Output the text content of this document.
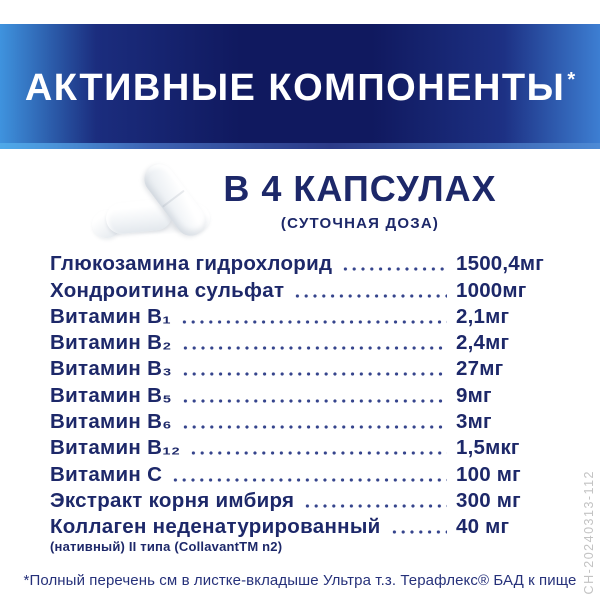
АКТИВНЫЕ КОМПОНЕНТЫ *
В 4 КАПСУЛАХ
(СУТОЧНАЯ ДОЗА)
Глюкозамина гидрохлорид	1500,4мг
Хондроитина сульфат	1000мг
Витамин В₁	2,1мг
Витамин В₂	2,4мг
Витамин В₃	27мг
Витамин В₅	9мг
Витамин В₆	3мг
Витамин В₁₂	1,5мкг
Витамин С	100 мг
Экстракт корня имбиря	300 мг
Коллаген неденатурированный	40 мг
(нативный) II типа (CollavantTM n2)
*Полный перечень см в листке-вкладыше Ультра т.з. Терафлекс® БАД к пище CH-20240313-112
